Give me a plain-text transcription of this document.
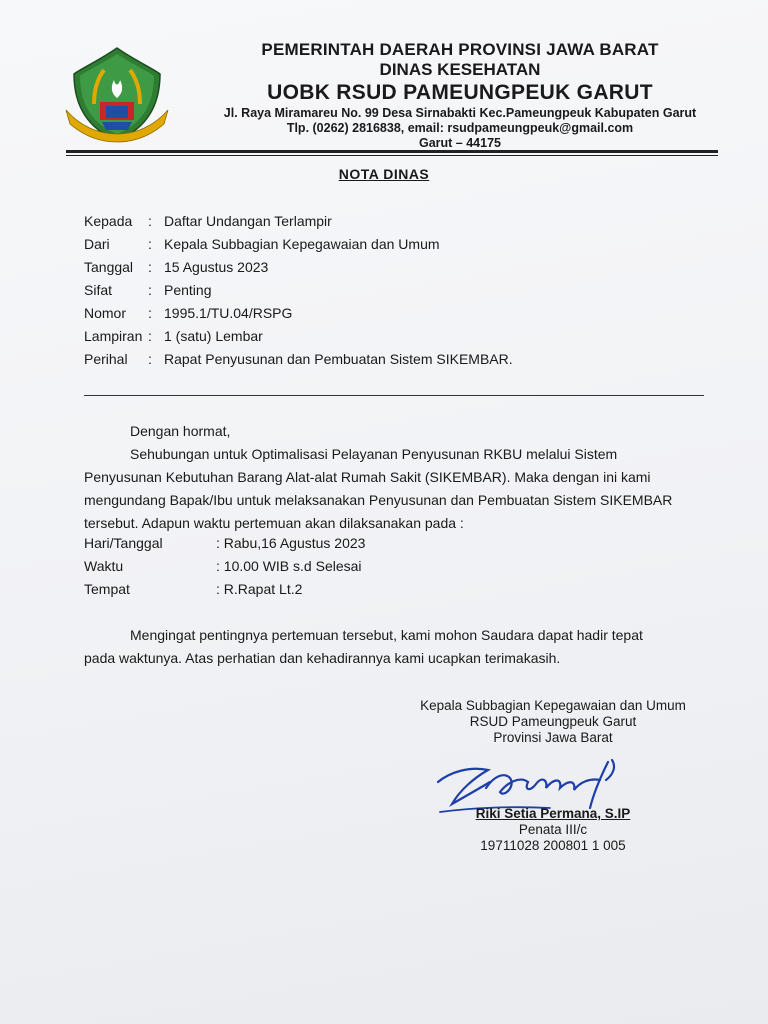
PEMERINTAH DAERAH PROVINSI JAWA BARAT
DINAS KESEHATAN
UOBK RSUD PAMEUNGPEUK GARUT
Jl. Raya Miramareu No. 99 Desa Sirnabakti Kec.Pameungpeuk Kabupaten Garut
Tlp. (0262) 2816838, email: rsudpameungpeuk@gmail.com
Garut – 44175
NOTA DINAS
Kepada : Daftar Undangan Terlampir
Dari	: Kepala Subbagian Kepegawaian dan Umum
Tanggal : 15 Agustus 2023
Sifat	: Penting
Nomor : 1995.1/TU.04/RSPG
Lampiran : 1 (satu) Lembar
Perihal : Rapat Penyusunan dan Pembuatan Sistem SIKEMBAR.
Dengan hormat,
Sehubungan untuk Optimalisasi Pelayanan Penyusunan RKBU melalui Sistem
Penyusunan Kebutuhan Barang Alat-alat Rumah Sakit (SIKEMBAR). Maka dengan ini kami mengundang Bapak/Ibu untuk melaksanakan Penyusunan dan Pembuatan Sistem SIKEMBAR tersebut. Adapun waktu pertemuan akan dilaksanakan pada :
Hari/Tanggal	: Rabu,16 Agustus 2023
Waktu	: 10.00 WIB s.d Selesai
Tempat	: R.Rapat Lt.2
Mengingat pentingnya pertemuan tersebut, kami mohon Saudara dapat hadir tepat
pada waktunya. Atas perhatian dan kehadirannya kami ucapkan terimakasih.
Kepala Subbagian Kepegawaian dan Umum
RSUD Pameungpeuk Garut
Provinsi Jawa Barat
Riki Setia Permana, S.IP
Penata III/c
19711028 200801 1 005
